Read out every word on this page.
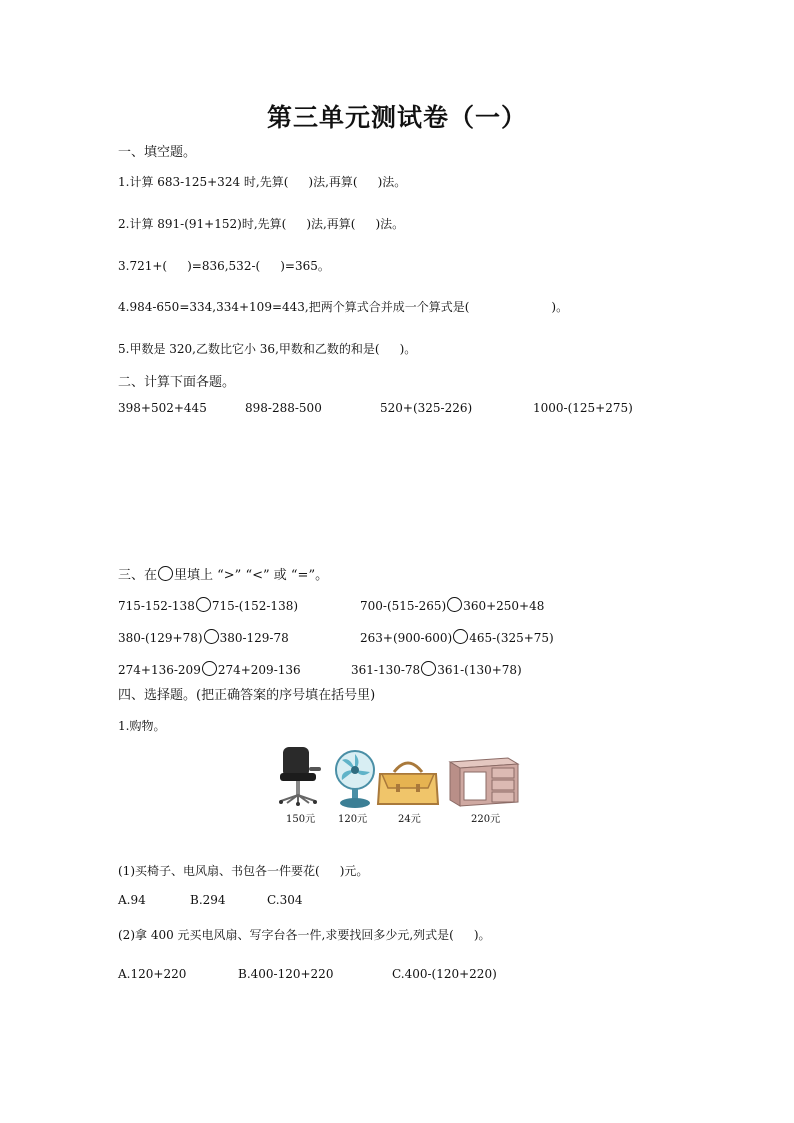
第三单元测试卷（一）
一、填空题。
1.计算 683-125+324 时,先算( )法,再算( )法。
2.计算 891-(91+152)时,先算( )法,再算( )法。
3.721+( )=836,532-( )=365。
4.984-650=334,334+109=443,把两个算式合并成一个算式是(	)。
5.甲数是 320,乙数比它小 36,甲数和乙数的和是( )。
二、计算下面各题。
398+502+445	898-288-500	520+(325-226)	1000-(125+275)
三、在 里填上 “>” “<” 或 “=”。
715-152-138 715-(152-138)	700-(515-265) 360+250+48
380-(129+78) 380-129-78	263+(900-600) 465-(325+75)
274+136-209 274+209-136	361-130-78 361-(130+78)
四、选择题。(把正确答案的序号填在括号里)
1.购物。
150元 120元	24元	220元
(1)买椅子、电风扇、书包各一件要花( )元。
A.94	B.294	C.304
(2)拿 400 元买电风扇、写字台各一件,求要找回多少元,列式是( )。
A.120+220	B.400-120+220	C.400-(120+220)
